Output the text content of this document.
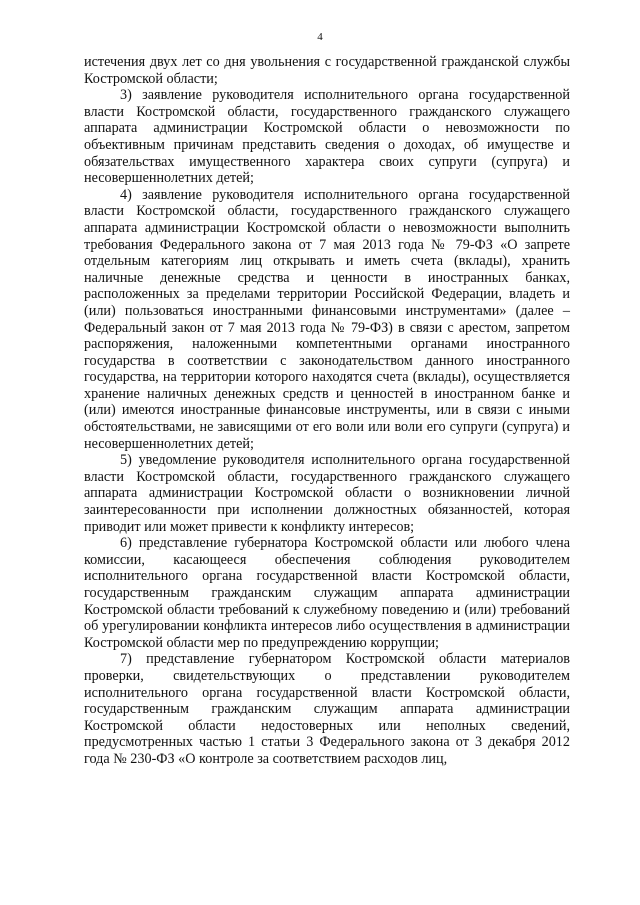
4

истечения двух лет со дня увольнения с государственной гражданской службы Костромской области;

3) заявление руководителя исполнительного органа государственной власти Костромской области, государственного гражданского служащего аппарата администрации Костромской области о невозможности по объективным причинам представить сведения о доходах, об имуществе и обязательствах имущественного характера своих супруги (супруга) и несовершеннолетних детей;

4) заявление руководителя исполнительного органа государственной власти Костромской области, государственного гражданского служащего аппарата администрации Костромской области о невозможности выполнить требования Федерального закона от 7 мая 2013 года № 79-ФЗ «О запрете отдельным категориям лиц открывать и иметь счета (вклады), хранить наличные денежные средства и ценности в иностранных банках, расположенных за пределами территории Российской Федерации, владеть и (или) пользоваться иностранными финансовыми инструментами» (далее – Федеральный закон от 7 мая 2013 года № 79-ФЗ) в связи с арестом, запретом распоряжения, наложенными компетентными органами иностранного государства в соответствии с законодательством данного иностранного государства, на территории которого находятся счета (вклады), осуществляется хранение наличных денежных средств и ценностей в иностранном банке и (или) имеются иностранные финансовые инструменты, или в связи с иными обстоятельствами, не зависящими от его воли или воли его супруги (супруга) и несовершеннолетних детей;

5) уведомление руководителя исполнительного органа государственной власти Костромской области, государственного гражданского служащего аппарата администрации Костромской области о возникновении личной заинтересованности при исполнении должностных обязанностей, которая приводит или может привести к конфликту интересов;

6) представление губернатора Костромской области или любого члена комиссии, касающееся обеспечения соблюдения руководителем исполнительного органа государственной власти Костромской области, государственным гражданским служащим аппарата администрации Костромской области требований к служебному поведению и (или) требований об урегулировании конфликта интересов либо осуществления в администрации Костромской области мер по предупреждению коррупции;

7) представление губернатором Костромской области материалов проверки, свидетельствующих о представлении руководителем исполнительного органа государственной власти Костромской области, государственным гражданским служащим аппарата администрации Костромской области недостоверных или неполных сведений, предусмотренных частью 1 статьи 3 Федерального закона от 3 декабря 2012 года № 230-ФЗ «О контроле за соответствием расходов лиц,
